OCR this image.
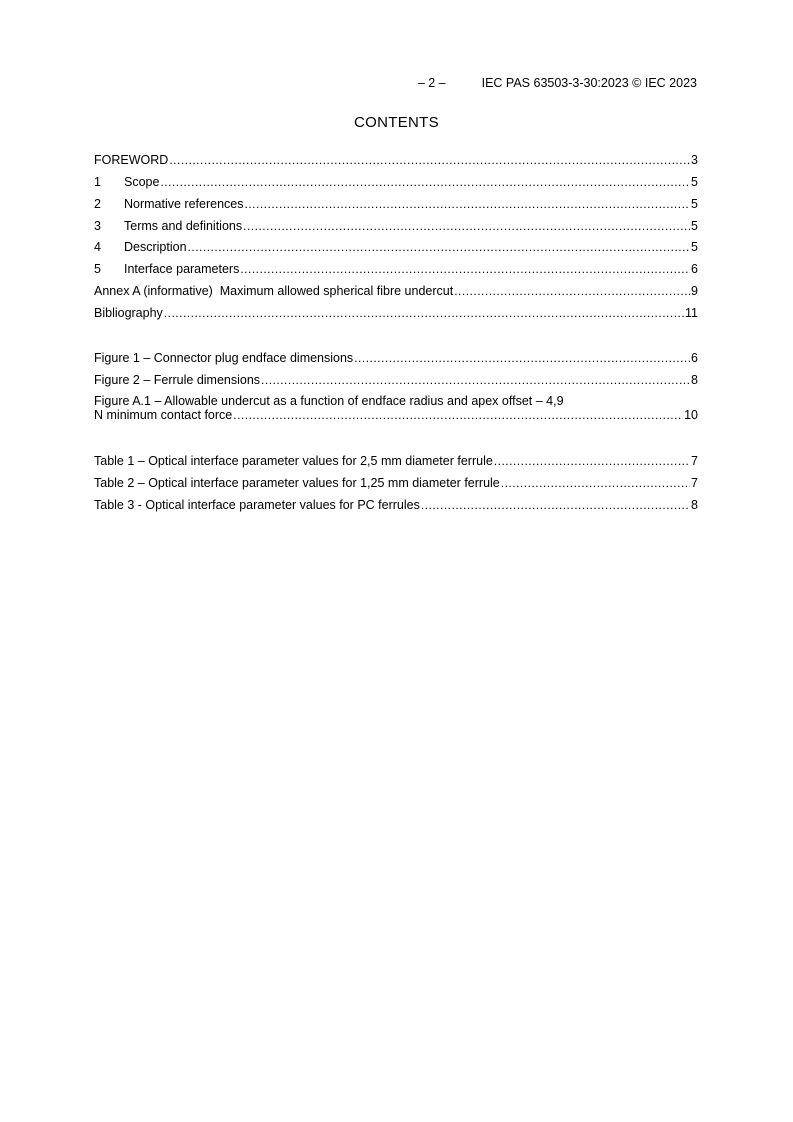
– 2 –	IEC PAS 63503-3-30:2023 © IEC 2023
CONTENTS
FOREWORD .....	3
1	Scope .....	5
2	Normative references .....	5
3	Terms and definitions .....	5
4	Description .....	5
5	Interface parameters .....	6
Annex A (informative)  Maximum allowed spherical fibre undercut .....	9
Bibliography .....	11
Figure 1 – Connector plug endface dimensions .....	6
Figure 2 – Ferrule dimensions .....	8
Figure A.1 – Allowable undercut as a function of endface radius and apex offset – 4,9
N minimum contact force .....	10
Table 1 – Optical interface parameter values for 2,5 mm diameter ferrule .....	7
Table 2 – Optical interface parameter values for 1,25 mm diameter ferrule .....	7
Table 3 - Optical interface parameter values for PC ferrules .....	8
